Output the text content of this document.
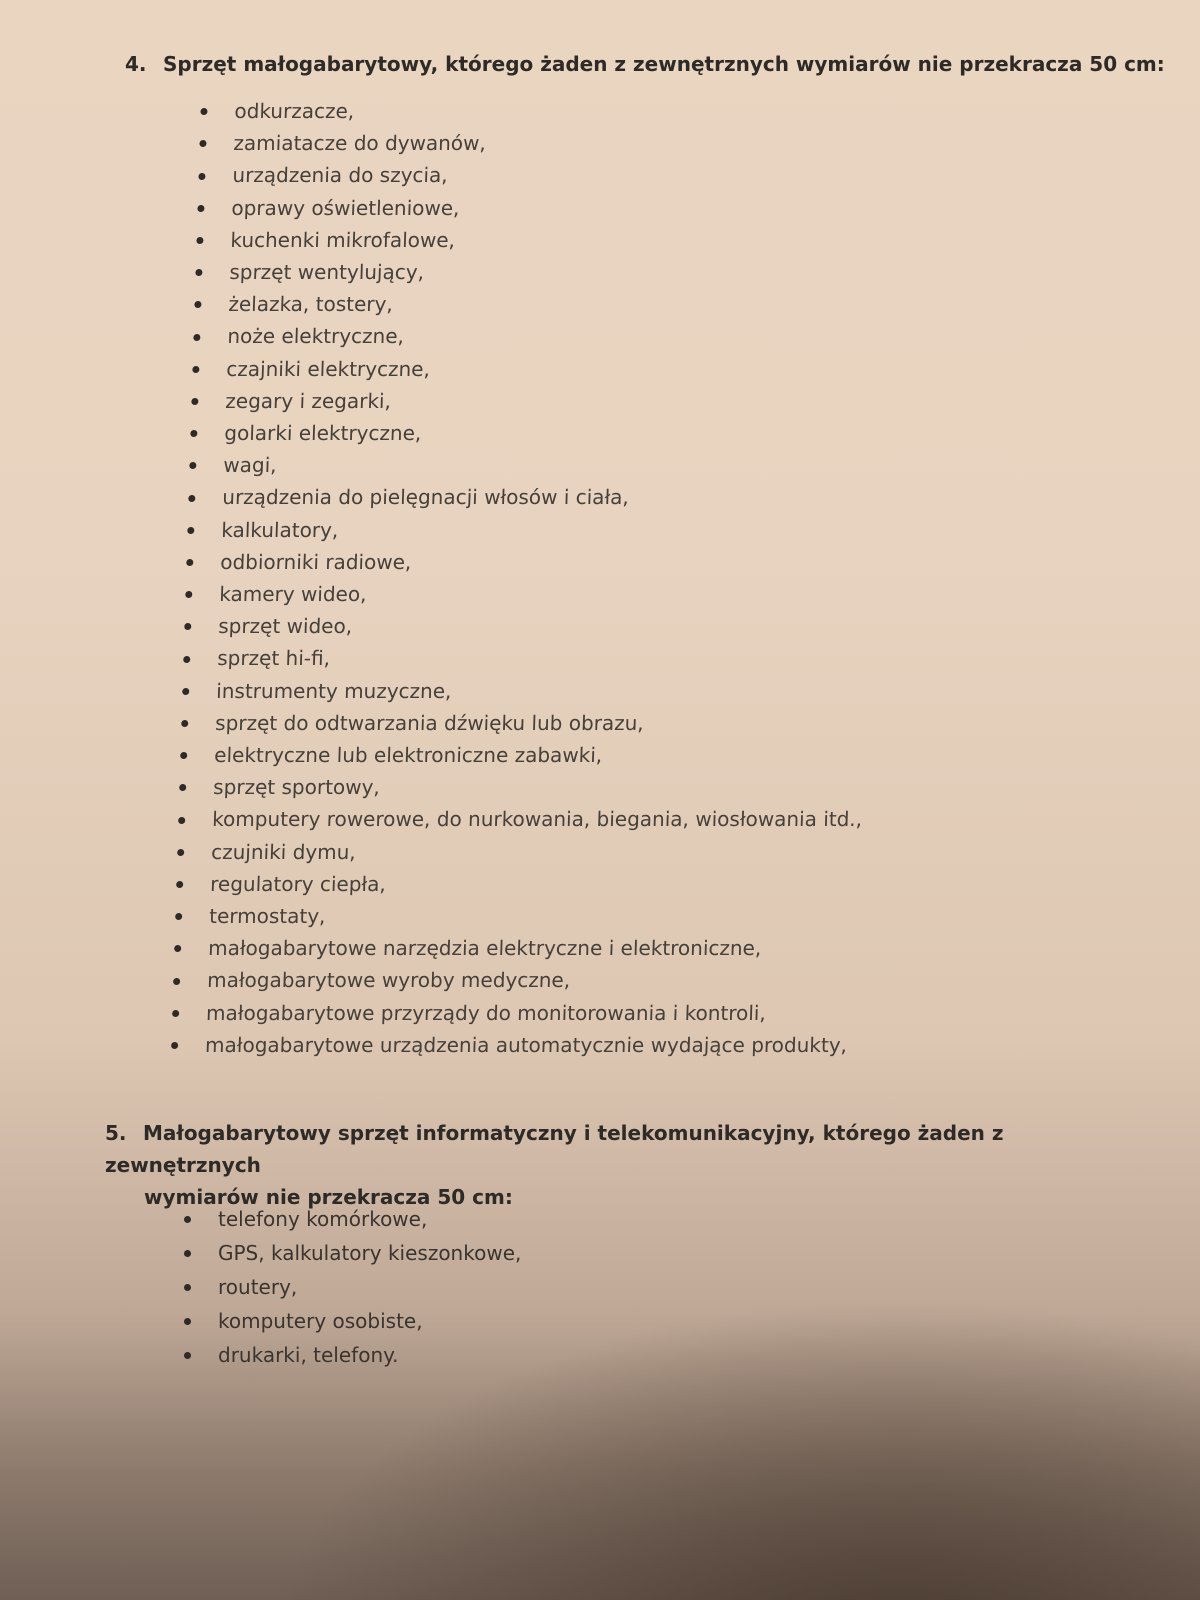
4. Sprzęt małogabarytowy, którego żaden z zewnętrznych wymiarów nie przekracza 50 cm:
odkurzacze,
zamiatacze do dywanów,
urządzenia do szycia,
oprawy oświetleniowe,
kuchenki mikrofalowe,
sprzęt wentylujący,
żelazka, tostery,
noże elektryczne,
czajniki elektryczne,
zegary i zegarki,
golarki elektryczne,
wagi,
urządzenia do pielęgnacji włosów i ciała,
kalkulatory,
odbiorniki radiowe,
kamery wideo,
sprzęt wideo,
sprzęt hi-fi,
instrumenty muzyczne,
sprzęt do odtwarzania dźwięku lub obrazu,
elektryczne lub elektroniczne zabawki,
sprzęt sportowy,
komputery rowerowe, do nurkowania, biegania, wiosłowania itd.,
czujniki dymu,
regulatory ciepła,
termostaty,
małogabarytowe narzędzia elektryczne i elektroniczne,
małogabarytowe wyroby medyczne,
małogabarytowe przyrządy do monitorowania i kontroli,
małogabarytowe urządzenia automatycznie wydające produkty,
5. Małogabarytowy sprzęt informatyczny i telekomunikacyjny, którego żaden z zewnętrznych
wymiarów nie przekracza 50 cm:
telefony komórkowe,
GPS, kalkulatory kieszonkowe,
routery,
komputery osobiste,
drukarki, telefony.
